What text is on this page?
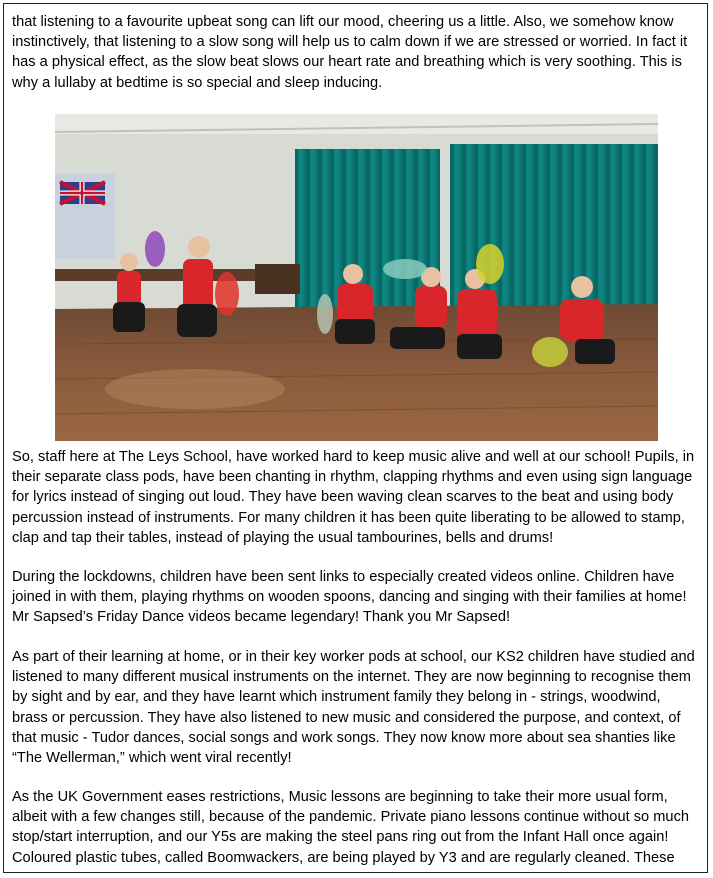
that listening to a favourite upbeat song can lift our mood, cheering us a little. Also, we somehow know instinctively, that listening to a slow song will help us to calm down if we are stressed or worried. In fact it has a physical effect, as the slow beat slows our heart rate and breathing which is very soothing. This is why a lullaby at bedtime is so special and sleep inducing.

So, staff here at The Leys School, have worked hard to keep music alive and well at our school! Pupils, in their separate class pods, have been chanting in rhythm, clapping rhythms and even using sign language for lyrics instead of singing out loud. They have been waving clean scarves to the beat and using body percussion instead of instruments. For many children it has been quite liberating to be allowed to stamp, clap and tap their tables, instead of playing the usual tambourines, bells and drums!

During the lockdowns, children have been sent links to especially created videos online. Children have joined in with them, playing rhythms on wooden spoons, dancing and singing with their families at home! Mr Sapsed’s Friday Dance videos became legendary! Thank you Mr Sapsed!

As part of their learning at home, or in their key worker pods at school, our KS2 children have studied and listened to many different musical instruments on the internet. They are now beginning to recognise them by sight and by ear, and they have learnt which instrument family they belong in - strings, woodwind, brass or percussion. They have also listened to new music and considered the purpose, and context, of that music - Tudor dances, social songs and work songs. They now know more about sea shanties like “The Wellerman,” which went viral recently!

As the UK Government eases restrictions, Music lessons are beginning to take their more usual form, albeit with a few changes still, because of the pandemic. Private piano lessons continue without so much stop/start interruption, and our Y5s are making the steel pans ring out from the Infant Hall once again! Coloured plastic tubes, called Boomwackers, are being played by Y3 and are regularly cleaned. These
